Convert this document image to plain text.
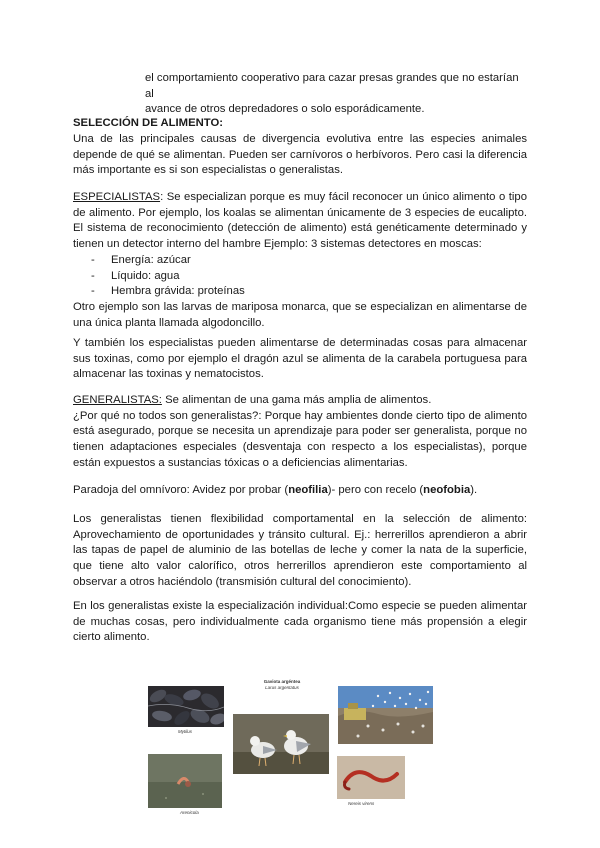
el comportamiento cooperativo para cazar presas grandes que no estarían al

avance de otros depredadores o solo esporádicamente.

SELECCIÓN DE ALIMENTO:
Una de las principales causas de divergencia evolutiva entre las especies animales depende de qué se alimentan. Pueden ser carnívoros o herbívoros. Pero casi la diferencia más importante es si son especialistas o generalistas.

ESPECIALISTAS: Se especializan porque es muy fácil reconocer un único alimento o tipo de alimento. Por ejemplo, los koalas se alimentan únicamente de 3 especies de eucalipto. El sistema de reconocimiento (detección de alimento) está genéticamente determinado y tienen un detector interno del hambre Ejemplo: 3 sistemas detectores en moscas:

- Energía: azúcar
- Líquido: agua
- Hembra grávida: proteínas

Otro ejemplo son las larvas de mariposa monarca, que se especializan en alimentarse de una única planta llamada algodoncillo.

Y también los especialistas pueden alimentarse de determinadas cosas para almacenar sus toxinas, como por ejemplo el dragón azul se alimenta de la carabela portuguesa para almacenar las toxinas y nematocistos.

GENERALISTAS: Se alimentan de una gama más amplia de alimentos.

¿Por qué no todos son generalistas?: Porque hay ambientes donde cierto tipo de alimento está asegurado, porque se necesita un aprendizaje para poder ser generalista, porque no tienen adaptaciones especiales (desventaja con respecto a los especialistas), porque están expuestos a sustancias tóxicas o a deficiencias alimentarias.

Paradoja del omnívoro: Avidez por probar (neofilia)- pero con recelo (neofobia).
Los generalistas tienen flexibilidad comportamental en la selección de alimento: Aprovechamiento de oportunidades y tránsito cultural. Ej.: herrerillos aprendieron a abrir las tapas de papel de aluminio de las botellas de leche y comer la nata de la superficie, que tiene alto valor calorífico, otros herrerillos aprendieron este comportamiento al observar a otros haciéndolo (transmisión cultural del conocimiento).
En los generalistas existe la especialización individual:Como especie se pueden alimentar de muchas cosas, pero individualmente cada organismo tiene más propensión a elegir cierto alimento.
Gaviota argéntea
Larus argentatus
Mytilus
Arenicola
Nereis virens
